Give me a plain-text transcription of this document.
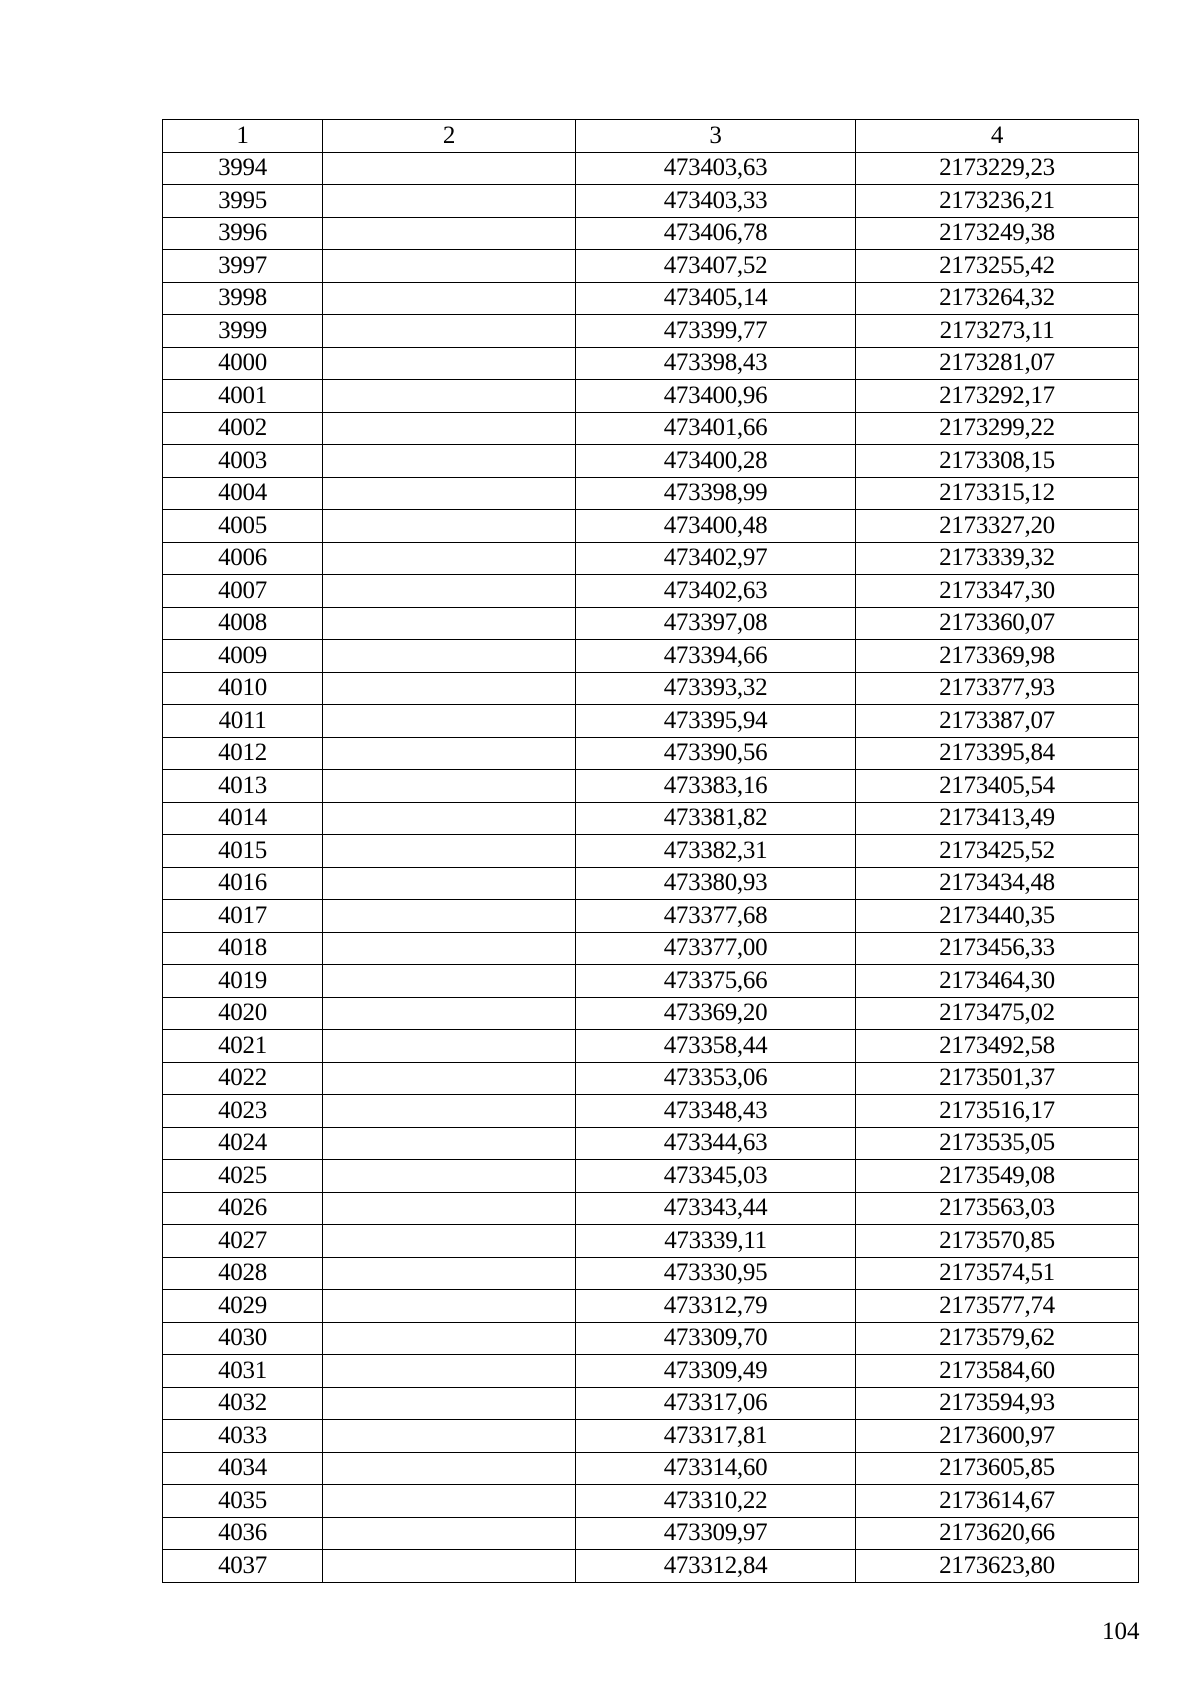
1	2	3	4
3994		473403,63	2173229,23
3995		473403,33	2173236,21
3996		473406,78	2173249,38
3997		473407,52	2173255,42
3998		473405,14	2173264,32
3999		473399,77	2173273,11
4000		473398,43	2173281,07
4001		473400,96	2173292,17
4002		473401,66	2173299,22
4003		473400,28	2173308,15
4004		473398,99	2173315,12
4005		473400,48	2173327,20
4006		473402,97	2173339,32
4007		473402,63	2173347,30
4008		473397,08	2173360,07
4009		473394,66	2173369,98
4010		473393,32	2173377,93
4011		473395,94	2173387,07
4012		473390,56	2173395,84
4013		473383,16	2173405,54
4014		473381,82	2173413,49
4015		473382,31	2173425,52
4016		473380,93	2173434,48
4017		473377,68	2173440,35
4018		473377,00	2173456,33
4019		473375,66	2173464,30
4020		473369,20	2173475,02
4021		473358,44	2173492,58
4022		473353,06	2173501,37
4023		473348,43	2173516,17
4024		473344,63	2173535,05
4025		473345,03	2173549,08
4026		473343,44	2173563,03
4027		473339,11	2173570,85
4028		473330,95	2173574,51
4029		473312,79	2173577,74
4030		473309,70	2173579,62
4031		473309,49	2173584,60
4032		473317,06	2173594,93
4033		473317,81	2173600,97
4034		473314,60	2173605,85
4035		473310,22	2173614,67
4036		473309,97	2173620,66
4037		473312,84	2173623,80
104
